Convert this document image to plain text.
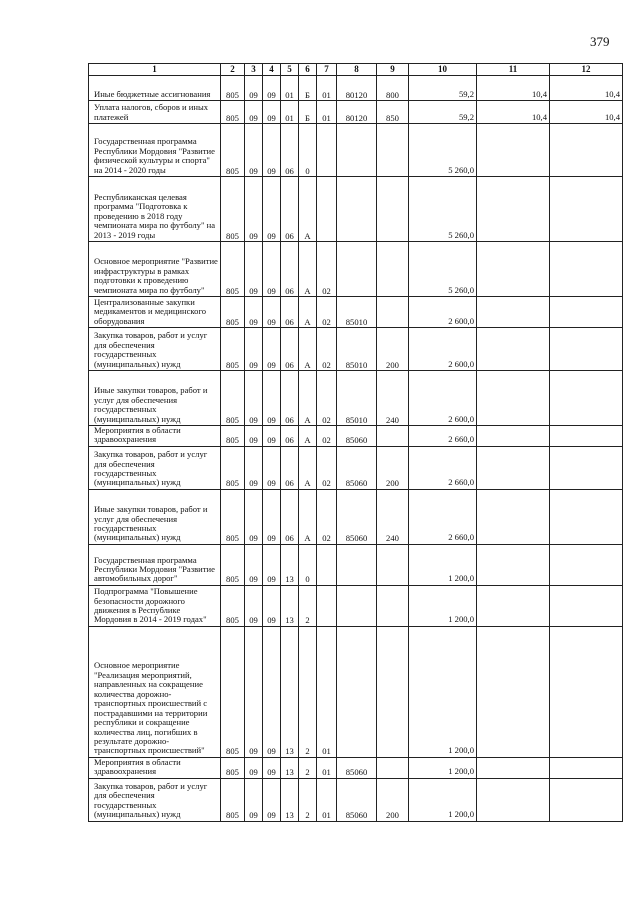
379
1	2	3	4	5	6	7	8	9	10	11	12
Иные бюджетные ассигнования	805	09	09	01	Б	01	80120	800	59,2	10,4	10,4
Уплата налогов, сборов и иных платежей	805	09	09	01	Б	01	80120	850	59,2	10,4	10,4
Государственная программа Республики Мордовия "Развитие физической культуры и спорта" на 2014 - 2020 годы	805	09	09	06	0				5 260,0		
Республиканская целевая программа "Подготовка к проведению в 2018 году чемпионата мира по футболу" на 2013 - 2019 годы	805	09	09	06	А				5 260,0		
Основное мероприятие "Развитие инфраструктуры в рамках подготовки к проведению чемпионата мира по футболу"	805	09	09	06	А	02			5 260,0		
Централизованные закупки медикаментов и медицинского оборудования	805	09	09	06	А	02	85010		2 600,0		
Закупка товаров, работ и услуг для обеспечения государственных (муниципальных) нужд	805	09	09	06	А	02	85010	200	2 600,0		
Иные закупки товаров, работ и услуг для обеспечения государственных (муниципальных) нужд	805	09	09	06	А	02	85010	240	2 600,0		
Мероприятия в области здравоохранения	805	09	09	06	А	02	85060		2 660,0		
Закупка товаров, работ и услуг для обеспечения государственных (муниципальных) нужд	805	09	09	06	А	02	85060	200	2 660,0		
Иные закупки товаров, работ и услуг для обеспечения государственных (муниципальных) нужд	805	09	09	06	А	02	85060	240	2 660,0		
Государственная программа Республики Мордовия "Развитие автомобильных дорог"	805	09	09	13	0				1 200,0		
Подпрограмма "Повышение безопасности дорожного движения в Республике Мордовия в 2014 - 2019 годах"	805	09	09	13	2				1 200,0		
Основное мероприятие "Реализация мероприятий, направленных на сокращение количества дорожно-транспортных происшествий с пострадавшими на территории республики и сокращение количества лиц, погибших в результате дорожно-транспортных происшествий"	805	09	09	13	2	01			1 200,0		
Мероприятия в области здравоохранения	805	09	09	13	2	01	85060		1 200,0		
Закупка товаров, работ и услуг для обеспечения государственных (муниципальных) нужд	805	09	09	13	2	01	85060	200	1 200,0		
